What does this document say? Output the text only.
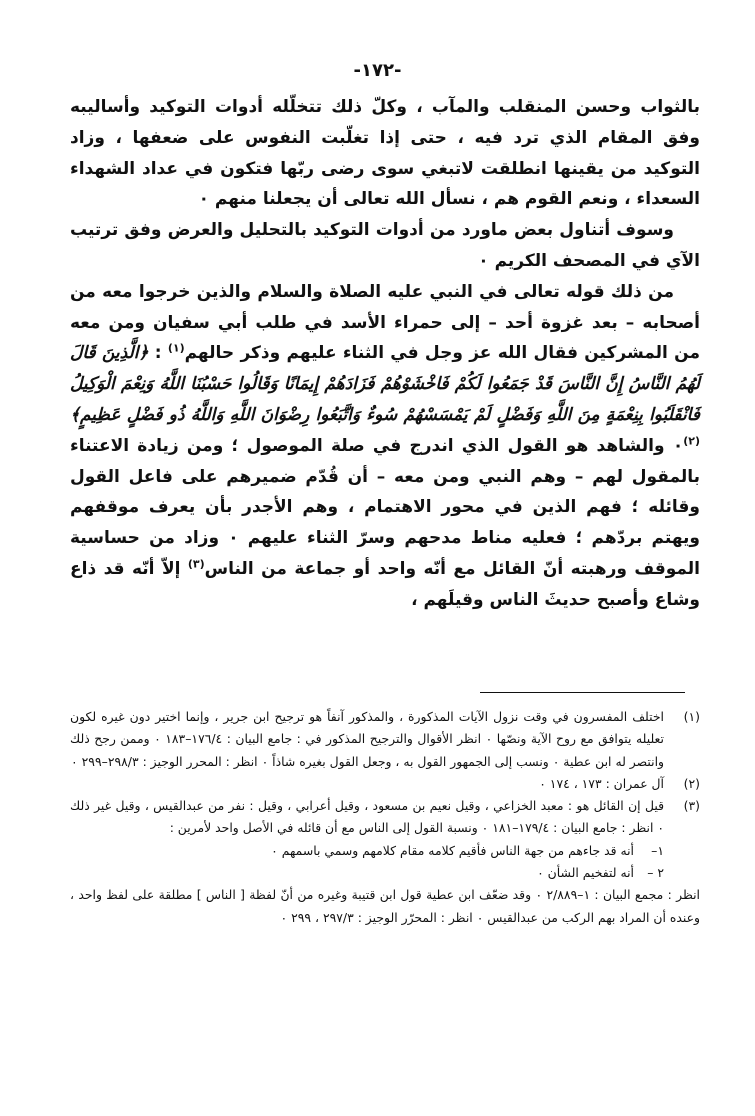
-١٧٢-

بالثواب وحسن المنقلب والمآب ، وكلّ ذلك تتخلّله أدوات التوكيد وأساليبه وفق المقام الذي ترد فيه ، حتى إذا تغلّبت النفوس على ضعفها ، وزاد التوكيد من يقينها انطلقت لاتبغي سوى رضى ربّها فتكون في عداد الشهداء السعداء ، ونعم القوم هم ، نسأل الله تعالى أن يجعلنا منهم ٠

وسوف أتناول بعض ماورد من أدوات التوكيد بالتحليل والعرض وفق ترتيب الآي في المصحف الكريم ٠

من ذلك قوله تعالى في النبي عليه الصلاة والسلام والذين خرجوا معه من أصحابه – بعد غزوة أحد – إلى حمراء الأسد في طلب أبي سفيان ومن معه من المشركين فقال الله عز وجل في الثناء عليهم وذكر حالهم$^{(١)}$ : ﴿الَّذِينَ قَالَ لَهُمُ النَّاسُ إِنَّ النَّاسَ قَدْ جَمَعُوا لَكُمْ فَاخْشَوْهُمْ فَزَادَهُمْ إِيمَانًا وَقَالُوا حَسْبُنَا اللَّهُ وَنِعْمَ الْوَكِيلُ فَانْقَلَبُوا بِنِعْمَةٍ مِنَ اللَّهِ وَفَضْلٍ لَمْ يَمْسَسْهُمْ سُوءٌ وَاتَّبَعُوا رِضْوَانَ اللَّهِ وَاللَّهُ ذُو فَضْلٍ عَظِيمٍ﴾$^{(٢)}$٠ والشاهد هو القول الذي اندرج في صلة الموصول ؛ ومن زيادة الاعتناء بالمقول لهم – وهم النبي ومن معه – أن قُدّم ضميرهم على فاعل القول وقائله ؛ فهم الذين في محور الاهتمام ، وهم الأجدر بأن يعرف موقفهم ويهتم بردّهم ؛ فعليه مناط مدحهم وسرّ الثناء عليهم ٠ وزاد من حساسية الموقف ورهبته أنّ القائل مع أنّه واحد أو جماعة من الناس$^{(٣)}$ إلاّ أنّه قد ذاع وشاع وأصبح حديثَ الناس وقيلَهم ،

(١)
اختلف المفسرون في وقت نزول الآيات المذكورة ، والمذكور آنفاً هو ترجيح ابن جرير ، وإنما اختير دون غيره لكون تعليله يتوافق مع روح الآية ونصّها ٠ انظر الأقوال والترجيح المذكور في : جامع البيان : ١٧٦/٤–١٨٣ ٠ وممن رجح ذلك وانتصر له ابن عطية ٠ ونسب إلى الجمهور القول به ، وجعل القول بغيره شاذاً ٠ انظر : المحرر الوجيز : ٢٩٨/٣–٢٩٩ ٠
(٢)
آل عمران : ١٧٣ ، ١٧٤ ٠
(٣)
قيل إن القائل هو : معبد الخزاعي ، وقيل نعيم بن مسعود ، وقيل أعرابي ، وقيل : نفر من عبدالقيس ، وقيل غير ذلك ٠ انظر : جامع البيان : ١٧٩/٤–١٨١ ٠ ونسبة القول إلى الناس مع أن قائله في الأصل واحد لأمرين :
١–
أنه قد جاءهم من جهة الناس فأقيم كلامه مقام كلامهم وسمي باسمهم ٠
٢ –
أنه لتفخيم الشأن ٠

انظر : مجمع البيان : ١–٢/٨٨٩ ٠ وقد ضعّف ابن عطية قول ابن قتيبة وغيره من أنّ لفظة [ الناس ] مطلقة على لفظ واحد ، وعنده أن المراد بهم الركب من عبدالقيس ٠ انظر : المحرّر الوجيز : ٢٩٧/٣ ، ٢٩٩ ٠
